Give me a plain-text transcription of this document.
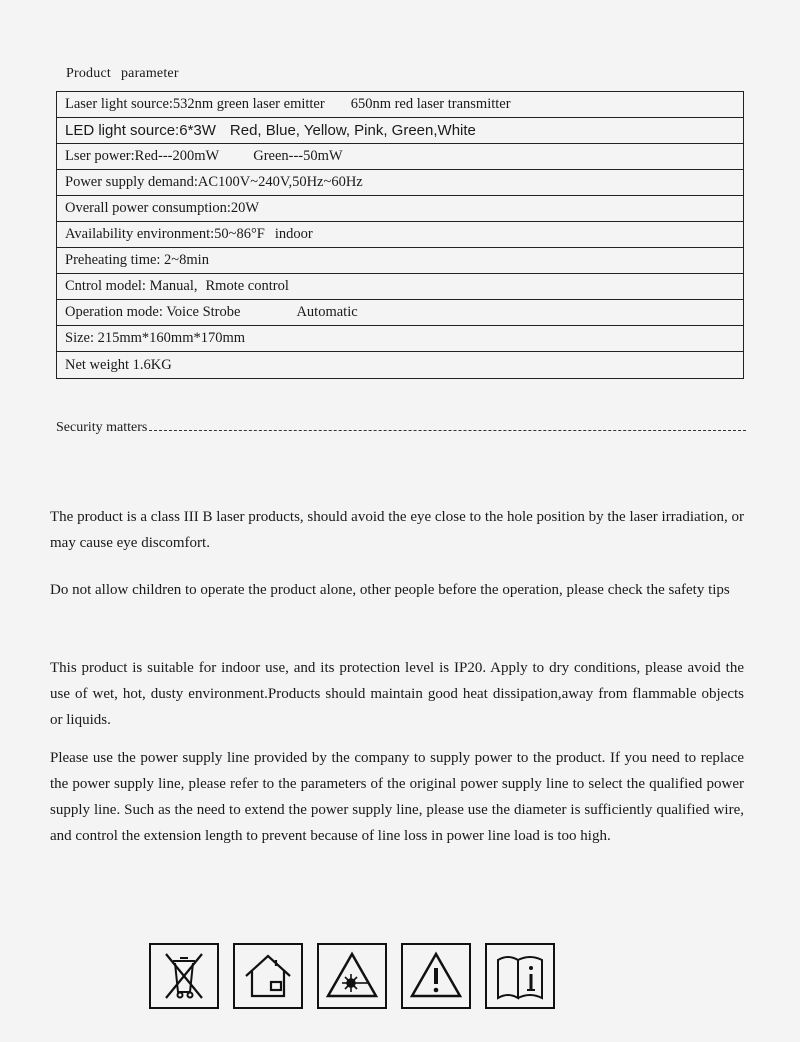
Product parameter
Laser light source:532nm green laser emitter 650nm red laser transmitter
LED light source:6*3W Red, Blue, Yellow, Pink, Green,White
Lser power:Red---200mW Green---50mW
Power supply demand:AC100V~240V,50Hz~60Hz
Overall power consumption:20W
Availability environment:50~86°F indoor
Preheating time: 2~8min
Cntrol model: Manual, Rmote control
Operation mode: Voice Strobe	Automatic
Size: 215mm*160mm*170mm
Net weight 1.6KG
Security matters

The product is a class III B laser products, should avoid the eye close to the hole position by the laser irradiation, or may cause eye discomfort.

Do not allow children to operate the product alone, other people before the operation, please check the safety tips

This product is suitable for indoor use, and its protection level is IP20. Apply to dry conditions, please avoid the use of wet, hot, dusty environment.Products should maintain good heat dissipation,away from flammable objects or liquids.

Please use the power supply line provided by the company to supply power to the product. If you need to replace the power supply line, please refer to the parameters of the original power supply line to select the qualified power supply line. Such as the need to extend the power supply line, please use the diameter is sufficiently qualified wire, and control the extension length to prevent because of line loss in power line load is too high.
